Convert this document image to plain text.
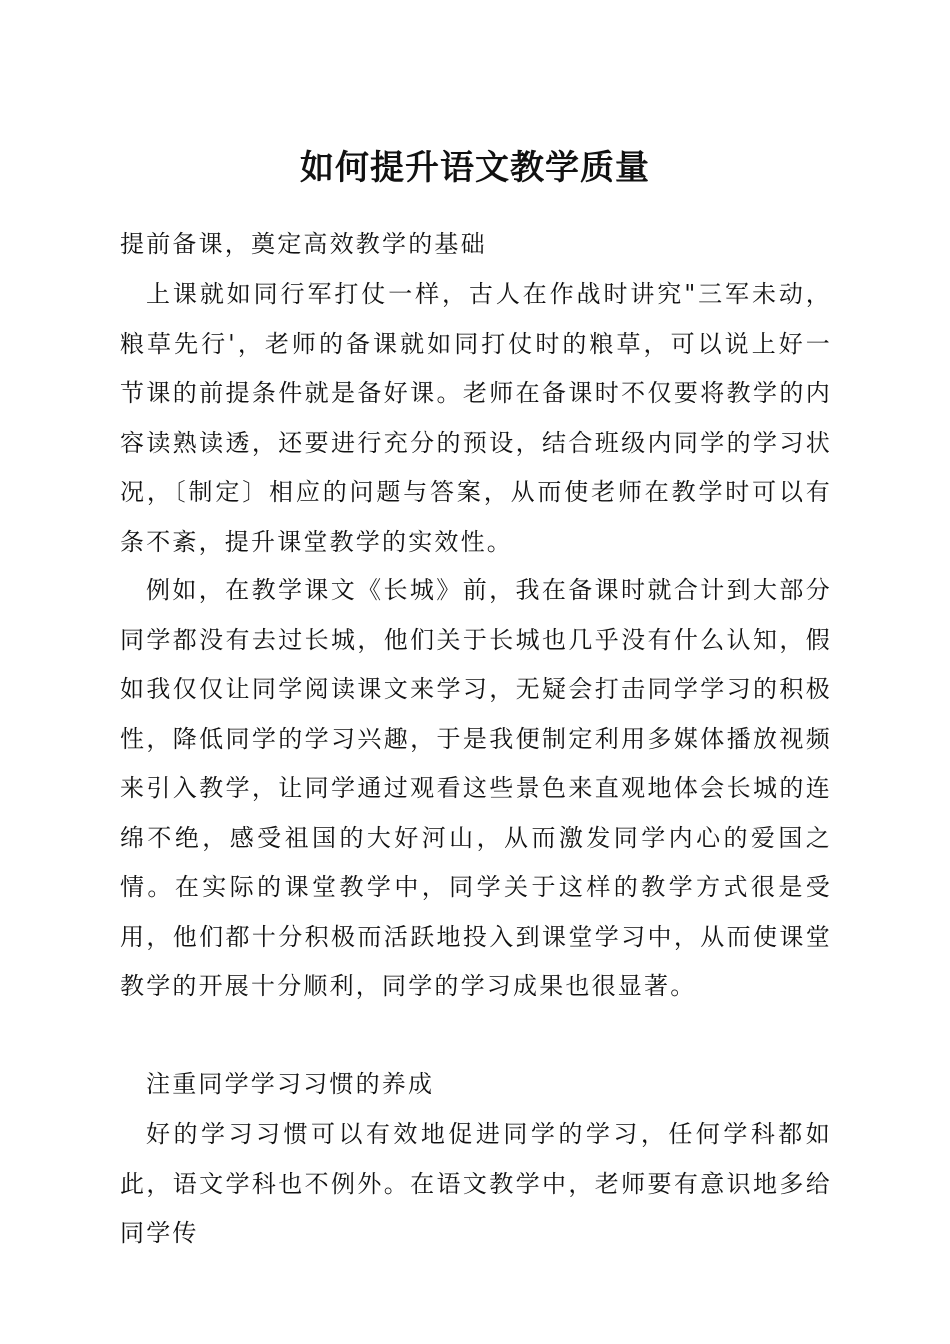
如何提升语文教学质量

提前备课，奠定高效教学的基础

上课就如同行军打仗一样，古人在作战时讲究"三军未动，粮草先行'，老师的备课就如同打仗时的粮草，可以说上好一节课的前提条件就是备好课。老师在备课时不仅要将教学的内容读熟读透，还要进行充分的预设，结合班级内同学的学习状况，〔制定〕相应的问题与答案，从而使老师在教学时可以有条不紊，提升课堂教学的实效性。

例如，在教学课文《长城》前，我在备课时就合计到大部分同学都没有去过长城，他们关于长城也几乎没有什么认知，假如我仅仅让同学阅读课文来学习，无疑会打击同学学习的积极性，降低同学的学习兴趣，于是我便制定利用多媒体播放视频来引入教学，让同学通过观看这些景色来直观地体会长城的连绵不绝，感受祖国的大好河山，从而激发同学内心的爱国之情。在实际的课堂教学中，同学关于这样的教学方式很是受用，他们都十分积极而活跃地投入到课堂学习中，从而使课堂教学的开展十分顺利，同学的学习成果也很显著。

注重同学学习习惯的养成

好的学习习惯可以有效地促进同学的学习，任何学科都如此，语文学科也不例外。在语文教学中，老师要有意识地多给同学传
